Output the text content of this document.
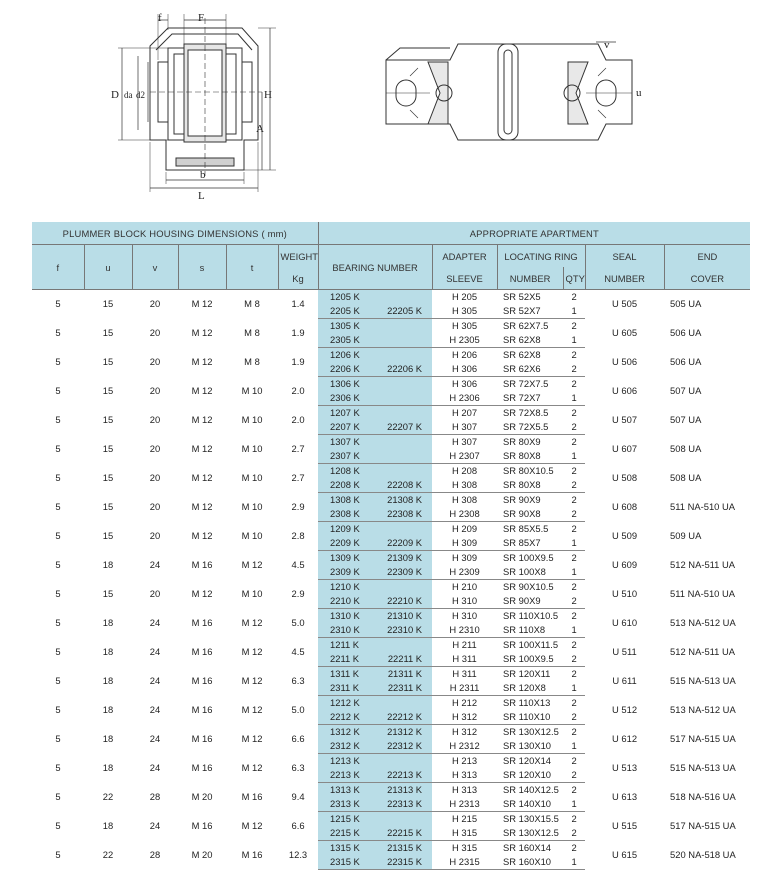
f	F
D da d2	H
A
b
L
v
u
PLUMMER BLOCK HOUSING DIMENSIONS ( mm)						APPROPRIATE APARTMENT						
f	u	v	s	t	WEIGHT	BEARING NUMBER		ADAPTER	LOCATING RING		SEAL	END
					Kg			SLEEVE	NUMBER	QTY	NUMBER	COVER
5	15	20	M 12	M 8	1.4	1205 K		H 205	SR 52X5	2	U 505	505 UA
						2205 K	22205 K	H 305	SR 52X7	1		
5	15	20	M 12	M 8	1.9	1305 K		H 305	SR 62X7.5	2	U 605	506 UA
						2305 K		H 2305	SR 62X8	1		
5	15	20	M 12	M 8	1.9	1206 K		H 206	SR 62X8	2	U 506	506 UA
						2206 K	22206 K	H 306	SR 62X6	2		
5	15	20	M 12	M 10	2.0	1306 K		H 306	SR 72X7.5	2	U 606	507 UA
						2306 K		H 2306	SR 72X7	1		
5	15	20	M 12	M 10	2.0	1207 K		H 207	SR 72X8.5	2	U 507	507 UA
						2207 K	22207 K	H 307	SR 72X5.5	2		
5	15	20	M 12	M 10	2.7	1307 K		H 307	SR 80X9	2	U 607	508 UA
						2307 K		H 2307	SR 80X8	1		
5	15	20	M 12	M 10	2.7	1208 K		H 208	SR 80X10.5	2	U 508	508 UA
						2208 K	22208 K	H 308	SR 80X8	2		
5	15	20	M 12	M 10	2.9	1308 K	21308 K	H 308	SR 90X9	2	U 608	511 NA-510 UA
						2308 K	22308 K	H 2308	SR 90X8	2		
5	15	20	M 12	M 10	2.8	1209 K		H 209	SR 85X5.5	2	U 509	509 UA
						2209 K	22209 K	H 309	SR 85X7	1		
5	18	24	M 16	M 12	4.5	1309 K	21309 K	H 309	SR 100X9.5	2	U 609	512 NA-511 UA
						2309 K	22309 K	H 2309	SR 100X8	1		
5	15	20	M 12	M 10	2.9	1210 K		H 210	SR 90X10.5	2	U 510	511 NA-510 UA
						2210 K	22210 K	H 310	SR 90X9	2		
5	18	24	M 16	M 12	5.0	1310 K	21310 K	H 310	SR 110X10.5	2	U 610	513 NA-512 UA
						2310 K	22310 K	H 2310	SR 110X8	1		
5	18	24	M 16	M 12	4.5	1211 K		H 211	SR 100X11.5	2	U 511	512 NA-511 UA
						2211 K	22211 K	H 311	SR 100X9.5	2		
5	18	24	M 16	M 12	6.3	1311 K	21311 K	H 311	SR 120X11	2	U 611	515 NA-513 UA
						2311 K	22311 K	H 2311	SR 120X8	1		
5	18	24	M 16	M 12	5.0	1212 K		H 212	SR 110X13	2	U 512	513 NA-512 UA
						2212 K	22212 K	H 312	SR 110X10	2		
5	18	24	M 16	M 12	6.6	1312 K	21312 K	H 312	SR 130X12.5	2	U 612	517 NA-515 UA
						2312 K	22312 K	H 2312	SR 130X10	1		
5	18	24	M 16	M 12	6.3	1213 K		H 213	SR 120X14	2	U 513	515 NA-513 UA
						2213 K	22213 K	H 313	SR 120X10	2		
5	22	28	M 20	M 16	9.4	1313 K	21313 K	H 313	SR 140X12.5	2	U 613	518 NA-516 UA
						2313 K	22313 K	H 2313	SR 140X10	1		
5	18	24	M 16	M 12	6.6	1215 K		H 215	SR 130X15.5	2	U 515	517 NA-515 UA
						2215 K	22215 K	H 315	SR 130X12.5	2		
5	22	28	M 20	M 16	12.3	1315 K	21315 K	H 315	SR 160X14	2	U 615	520 NA-518 UA
						2315 K	22315 K	H 2315	SR 160X10	1		
